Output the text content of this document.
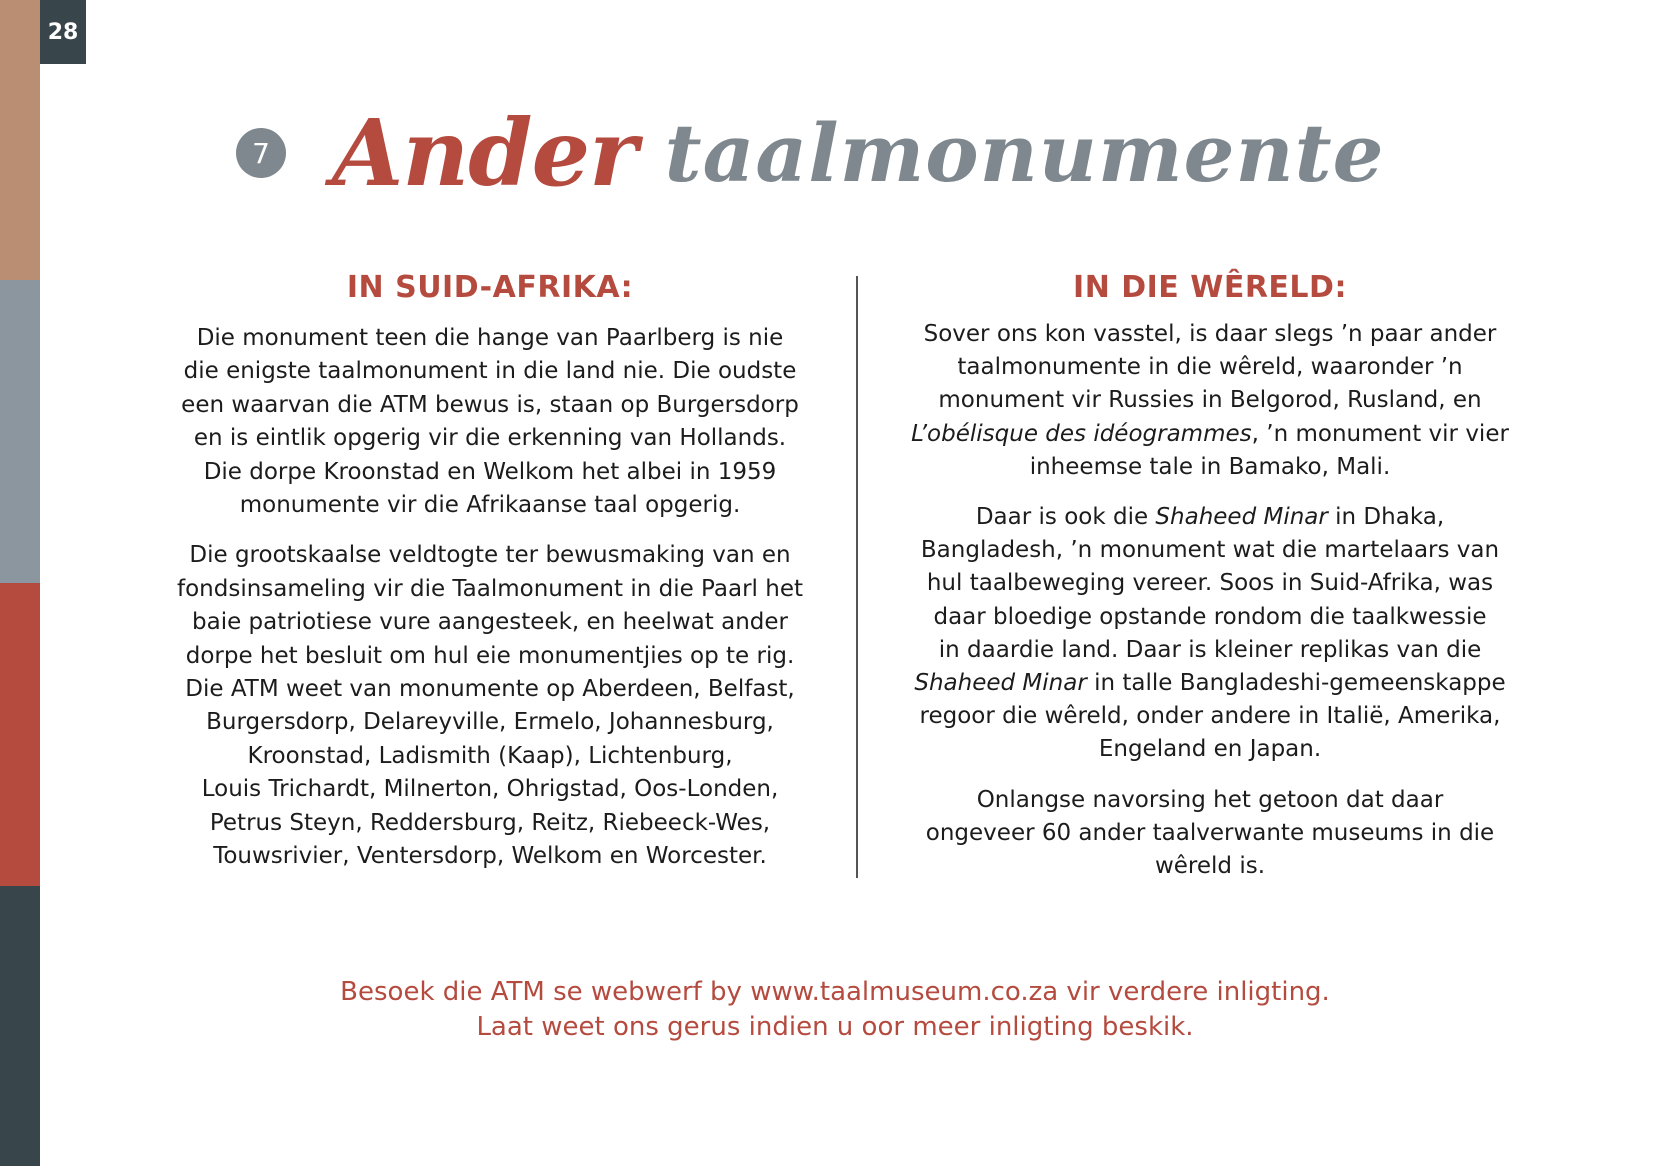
28
7 Ander taalmonumente
IN SUID-AFRIKA:

Die monument teen die hange van Paarlberg is nie
die enigste taalmonument in die land nie. Die oudste
een waarvan die ATM bewus is, staan op Burgersdorp
en is eintlik opgerig vir die erkenning van Hollands.
Die dorpe Kroonstad en Welkom het albei in 1959
monumente vir die Afrikaanse taal opgerig.

Die grootskaalse veldtogte ter bewusmaking van en
fondsinsameling vir die Taalmonument in die Paarl het
baie patriotiese vure aangesteek, en heelwat ander
dorpe het besluit om hul eie monumentjies op te rig.
Die ATM weet van monumente op Aberdeen, Belfast,
Burgersdorp, Delareyville, Ermelo, Johannesburg,
Kroonstad, Ladismith (Kaap), Lichtenburg,
Louis Trichardt, Milnerton, Ohrigstad, Oos-Londen,
Petrus Steyn, Reddersburg, Reitz, Riebeeck-Wes,
Touwsrivier, Ventersdorp, Welkom en Worcester.

IN DIE WÊRELD:

Sover ons kon vasstel, is daar slegs ’n paar ander
taalmonumente in die wêreld, waaronder ’n
monument vir Russies in Belgorod, Rusland, en
L’obélisque des idéogrammes, ’n monument vir vier
inheemse tale in Bamako, Mali.

Daar is ook die Shaheed Minar in Dhaka,
Bangladesh, ’n monument wat die martelaars van
hul taalbeweging vereer. Soos in Suid-Afrika, was
daar bloedige opstande rondom die taalkwessie
in daardie land. Daar is kleiner replikas van die
Shaheed Minar in talle Bangladeshi-gemeenskappe
regoor die wêreld, onder andere in Italië, Amerika,
Engeland en Japan.

Onlangse navorsing het getoon dat daar
ongeveer 60 ander taalverwante museums in die
wêreld is.

Besoek die ATM se webwerf by www.taalmuseum.co.za vir verdere inligting.
Laat weet ons gerus indien u oor meer inligting beskik.
